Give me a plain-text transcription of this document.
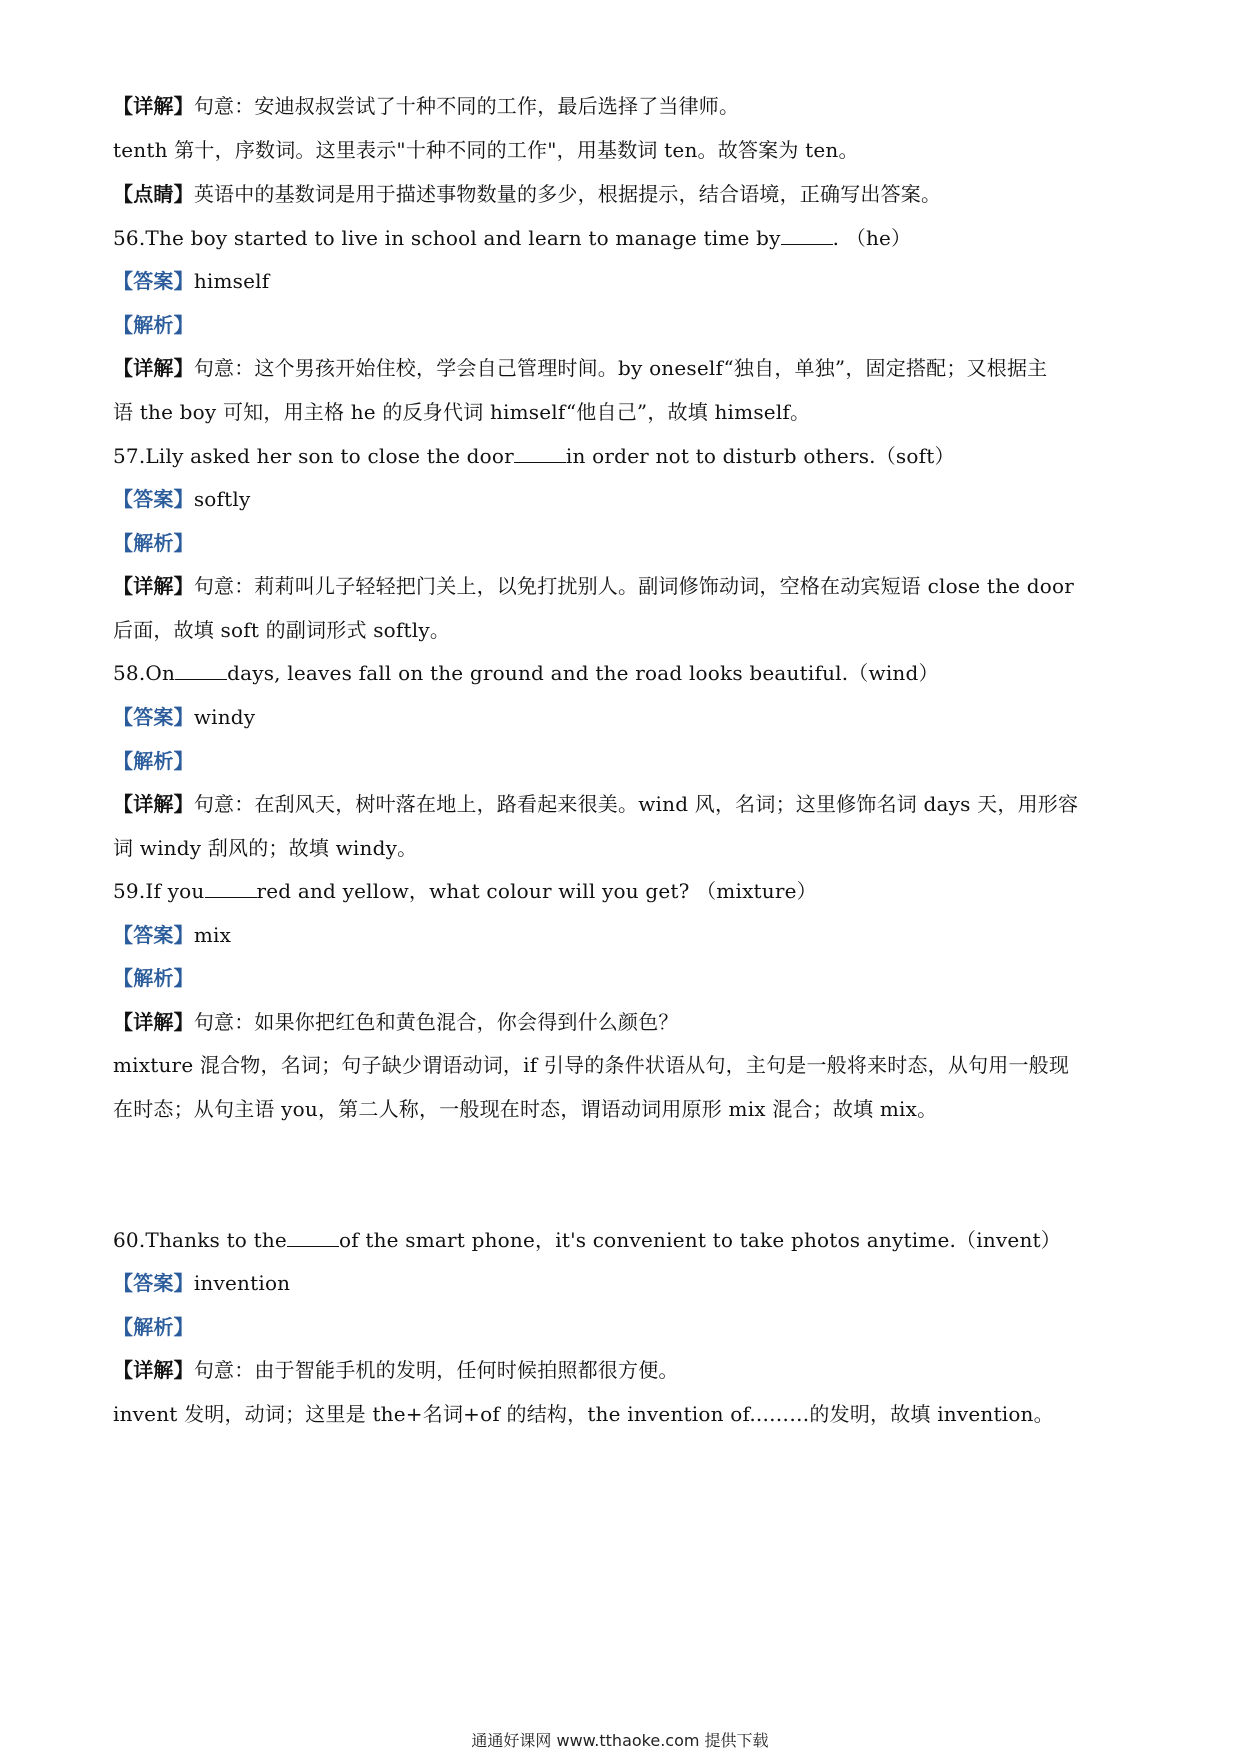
【详解】句意：安迪叔叔尝试了十种不同的工作，最后选择了当律师。
tenth 第十，序数词。这里表示"十种不同的工作"，用基数词 ten。故答案为 ten。
【点睛】英语中的基数词是用于描述事物数量的多少，根据提示，结合语境，正确写出答案。
56.The boy started to live in school and learn to manage time by	. （he）
【答案】himself
【解析】
【详解】句意：这个男孩开始住校，学会自己管理时间。by oneself“独自，单独”，固定搭配；又根据主
语 the boy 可知，用主格 he 的反身代词 himself“他自己”，故填 himself。
57.Lily asked her son to close the door	in order not to disturb others.（soft）
【答案】softly
【解析】
【详解】句意：莉莉叫儿子轻轻把门关上，以免打扰别人。副词修饰动词，空格在动宾短语 close the door
后面，故填 soft 的副词形式 softly。
58.On	days, leaves fall on the ground and the road looks beautiful.（wind）
【答案】windy
【解析】
【详解】句意：在刮风天，树叶落在地上，路看起来很美。wind 风，名词；这里修饰名词 days 天，用形容
词 windy 刮风的；故填 windy。
59.If you	red and yellow，what colour will you get? （mixture）
【答案】mix
【解析】
【详解】句意：如果你把红色和黄色混合，你会得到什么颜色？
mixture 混合物，名词；句子缺少谓语动词，if 引导的条件状语从句，主句是一般将来时态，从句用一般现
在时态；从句主语 you，第二人称，一般现在时态，谓语动词用原形 mix 混合；故填 mix。
60.Thanks to the	of the smart phone，it's convenient to take photos anytime.（invent）
【答案】invention
【解析】
【详解】句意：由于智能手机的发明，任何时候拍照都很方便。
invent 发明，动词；这里是 the+名词+of 的结构，the invention of...……的发明，故填 invention。
通通好课网 www.tthaoke.com 提供下载
